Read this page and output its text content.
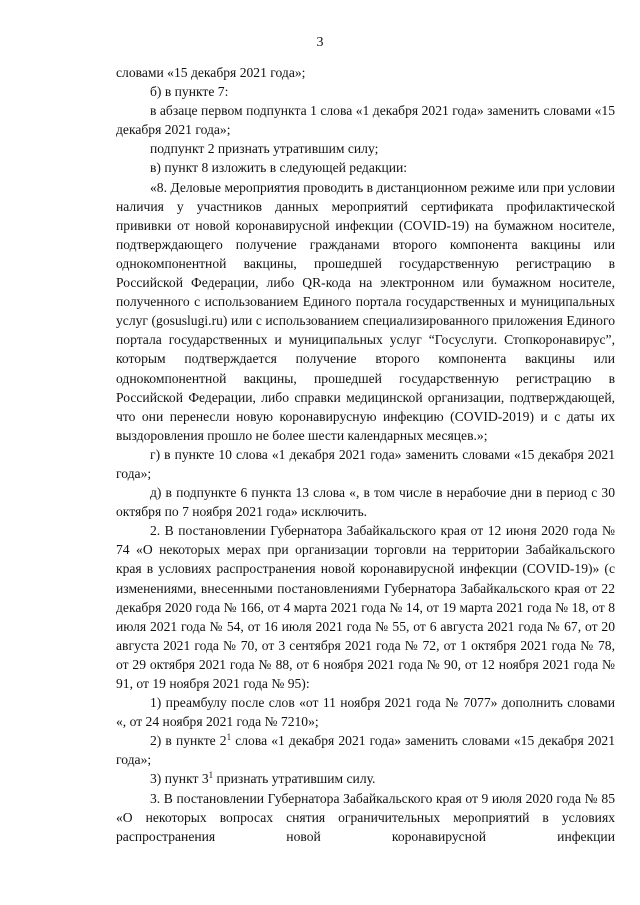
3

словами «15 декабря 2021 года»;

б) в пункте 7:

в абзаце первом подпункта 1 слова «1 декабря 2021 года» заменить словами «15 декабря 2021 года»;

подпункт 2 признать утратившим силу;

в) пункт 8 изложить в следующей редакции:

«8. Деловые мероприятия проводить в дистанционном режиме или при условии наличия у участников данных мероприятий сертификата профилактической прививки от новой коронавирусной инфекции (COVID-19) на бумажном носителе, подтверждающего получение гражданами второго компонента вакцины или однокомпонентной вакцины, прошедшей государственную регистрацию в Российской Федерации, либо QR-кода на электронном или бумажном носителе, полученного с использованием Единого портала государственных и муниципальных услуг (gosuslugi.ru) или с использованием специализированного приложения Единого портала государственных и муниципальных услуг “Госуслуги. Стопкоронавирус”, которым подтверждается получение второго компонента вакцины или однокомпонентной вакцины, прошедшей государственную регистрацию в Российской Федерации, либо справки медицинской организации, подтверждающей, что они перенесли новую коронавирусную инфекцию (COVID-2019) и с даты их выздоровления прошло не более шести календарных месяцев.»;

г) в пункте 10 слова «1 декабря 2021 года» заменить словами «15 декабря 2021 года»;

д) в подпункте 6 пункта 13 слова «, в том числе в нерабочие дни в период с 30 октября по 7 ноября 2021 года» исключить.

2. В постановлении Губернатора Забайкальского края от 12 июня 2020 года № 74 «О некоторых мерах при организации торговли на территории Забайкальского края в условиях распространения новой коронавирусной инфекции (COVID-19)» (с изменениями, внесенными постановлениями Губернатора Забайкальского края от 22 декабря 2020 года № 166, от 4 марта 2021 года № 14, от 19 марта 2021 года № 18, от 8 июля 2021 года № 54, от 16 июля 2021 года № 55, от 6 августа 2021 года № 67, от 20 августа 2021 года № 70, от 3 сентября 2021 года № 72, от 1 октября 2021 года № 78, от 29 октября 2021 года № 88, от 6 ноября 2021 года № 90, от 12 ноября 2021 года № 91, от 19 ноября 2021 года № 95):

1) преамбулу после слов «от 11 ноября 2021 года № 7077» дополнить словами «, от 24 ноября 2021 года № 7210»;

2) в пункте $2^1$ слова «1 декабря 2021 года» заменить словами «15 декабря 2021 года»;

3) пункт $3^1$ признать утратившим силу.

3. В постановлении Губернатора Забайкальского края от 9 июля 2020 года № 85 «О некоторых вопросах снятия ограничительных мероприятий в условиях распространения новой коронавирусной инфекции
